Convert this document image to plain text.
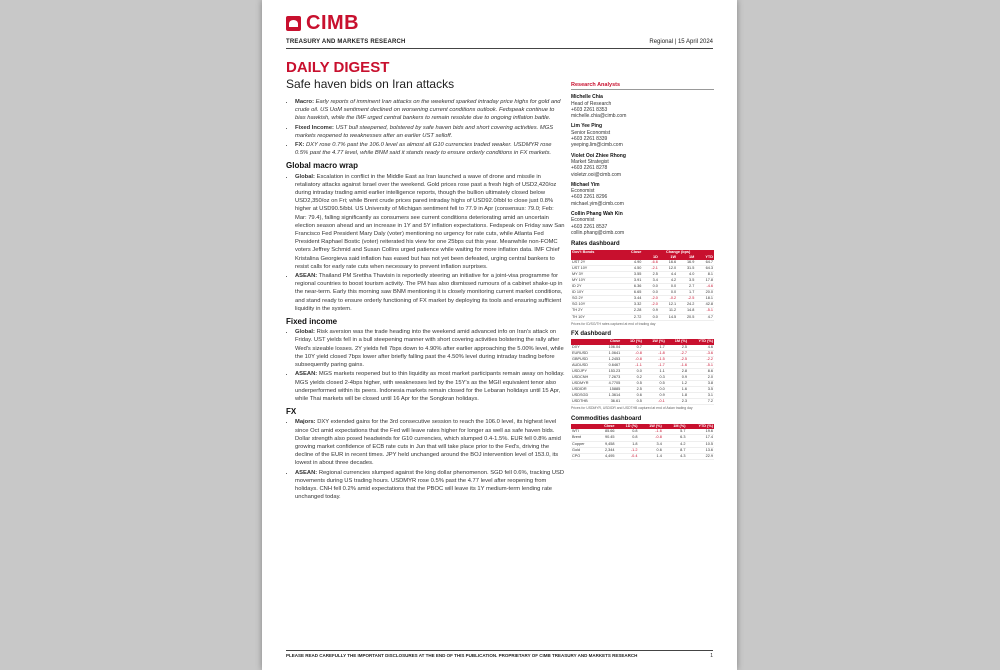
CIMB
TREASURY AND MARKETS RESEARCH	Regional | 15 April 2024
DAILY DIGEST
Safe haven bids on Iran attacks
• Macro: Early reports of imminent Iran attacks on the weekend sparked intraday price highs for gold and crude oil. US UoM sentiment declined on worsening current conditions outlook. Fedspeak continue to bias hawkish, while the IMF urged central bankers to remain resolute due to ongoing inflation battle.
• Fixed Income: UST bull steepened, bolstered by safe haven bids and short covering activities. MGS markets reopened to weaknesses after an earlier UST selloff.
• FX: DXY rose 0.7% past the 106.0 level as almost all G10 currencies traded weaker. USDMYR rose 0.5% past the 4.77 level, while BNM said it stands ready to ensure orderly conditions in FX markets.
Global macro wrap
• Global: Escalation in conflict in the Middle East as Iran launched a wave of drone and missile in retaliatory attacks against Israel over the weekend. Gold prices rose past a fresh high of USD2,420/oz during intraday trading amid earlier intelligence reports, though the bullion ultimately closed below USD2,350/oz on Fri; while Brent crude prices pared intraday highs of USD92.0/bbl to close just 0.8% higher at USD90.5/bbl. US University of Michigan sentiment fell to 77.9 in Apr (consensus: 79.0; Feb: Mar: 79.4), falling significantly as consumers see current conditions deteriorating amid an uncertain election season ahead and an increase in 1Y and 5Y inflation expectations. Fedspeak on Friday saw San Francisco Fed President Mary Daly (voter) mentioning no urgency for rate cuts, while Atlanta Fed President Raphael Bostic (voter) reiterated his view for one 25bps cut this year. Meanwhile non-FOMC voters Jeffrey Schmid and Susan Collins urged patience while waiting for more inflation data. IMF Chief Kristalina Georgieva said inflation has eased but has not yet been defeated, urging central bankers to resist calls for early rate cuts when necessary to prevent inflation surprises.
• ASEAN: Thailand PM Srettha Thavisin is reportedly steering an initiative for a joint-visa programme for regional countries to boost tourism activity. The PM has also dismissed rumours of a cabinet shake-up in the near-term. Early this morning saw BNM mentioning it is closely monitoring current market conditions, and stand ready to ensure orderly functioning of FX market by deploying its tools and ensuring sufficient liquidity in the system.
Fixed income
• Global: Risk aversion was the trade heading into the weekend amid advanced info on Iran's attack on Friday. UST yields fell in a bull steepening manner with short covering activities bolstering the rally after Wed's sizeable losses. 2Y yields fell 7bps down to 4.90% after earlier approaching the 5.00% level, while the 10Y yield closed 7bps lower after briefly falling past the 4.50% level during intraday trading before subsequently paring gains.
• ASEAN: MGS markets reopened but to thin liquidity as most market participants remain away on holiday. MGS yields closed 2-4bps higher, with weaknesses led by the 15Y's as the MGII equivalent tenor also underperformed within its peers. Indonesia markets remain closed for the Lebaran holidays until 15 Apr, while Thai markets will be closed until 16 Apr for the Songkran holidays.
FX
• Majors: DXY extended gains for the 3rd consecutive session to reach the 106.0 level, its highest level since Oct amid expectations that the Fed will leave rates higher for longer as well as safe haven bids. Dollar strength also posed headwinds for G10 currencies, which slumped 0.4-1.5%. EUR fell 0.8% amid growing market confidence of ECB rate cuts in Jun that will take place prior to the Fed's, driving the decline of the EUR in recent times. JPY held unchanged around the BOJ intervention level of 153.0, its lowest in about three decades.
• ASEAN: Regional currencies slumped against the king dollar phenomenon. SGD fell 0.6%, tracking USD movements during US trading hours. USDMYR rose 0.5% past the 4.77 level after reopening from holidays. CNH fell 0.2% amid expectations that the PBOC will leave its 1Y medium-term lending rate unchanged today.
Research Analysts
Michelle Chia
Head of Research
+603 2261 8353
michelle.chia@cimb.com
Lim Yee Ping
Senior Economist
+603 2261 8339
yeeping.lim@cimb.com
Violet Ooi Zhiee Rhong
Market Strategist
+603 2261 8278
violetzr.ooi@cimb.com
Michael Yim
Economist
+603 2261 8296
michael.yim@cimb.com
Collin Phang Wah Kin
Economist
+603 2261 8537
collin.phang@cimb.com
Rates dashboard
Gov't Bonds	Close	Change (bps)			
		1D	1W	1M	YTD
UST 2Y	4.90	-6.6	16.6	16.9	64.7
UST 10Y	4.50	-2.1	12.0	31.5	64.3
MY 3Y	3.55	2.5	4.4	4.0	8.1
MY 10Y	3.91	3.4	4.2	3.5	17.8
ID 2Y	6.36	0.0	0.0	2.7	-4.6
ID 10Y	6.65	0.0	0.0	1.7	20.0
SG 2Y	3.44	-2.0	-0.2	-2.5	18.1
SG 10Y	3.32	-2.0	12.1	24.2	42.8
TH 2Y	2.28	0.9	11.2	14.8	-5.1
TH 10Y	2.72	0.0	14.5	20.5	4.7
Prices for ID/SG/TH rates captured at end of trading day
FX dashboard
	Close	1D (%)	1W (%)	1M (%)	YTD (%)
DXY	106.04	0.7	1.7	2.5	4.6
EURUSD	1.0641	-0.8	-1.8	-2.7	-3.6
GBPUSD	1.2453	-0.8	-1.5	-2.5	-2.2
AUDUSD	0.6467	-1.1	-1.7	-1.6	-5.1
USDJPY	153.23	0.0	1.1	2.8	8.6
USDCNH	7.2673	0.2	0.3	0.9	2.0
USDMYR	4.7705	0.5	0.5	1.2	3.8
USDIDR	15885	2.5	0.0	1.6	3.5
USDSGD	1.3614	0.6	0.9	1.8	3.1
USDTHB	36.61	0.5	-0.1	2.3	7.2
Prices for USDMYR, USDIDR and USDTHB captured at end of Asian trading day
Commodities dashboard
	Close	1D (%)	1W (%)	1M (%)	YTD (%)
WTI	85.66	0.8	-1.6	5.7	19.6
Brent	90.45	0.8	-0.8	6.3	17.4
Copper	9,458	1.8	3.4	4.2	10.5
Gold	2,344	-1.2	0.6	8.7	13.6
CPO	4,495	-0.4	1.4	4.3	22.9
PLEASE READ CAREFULLY THE IMPORTANT DISCLOSURES AT THE END OF THIS PUBLICATION. PROPRIETARY OF CIMB TREASURY AND MARKETS RESEARCH	1
